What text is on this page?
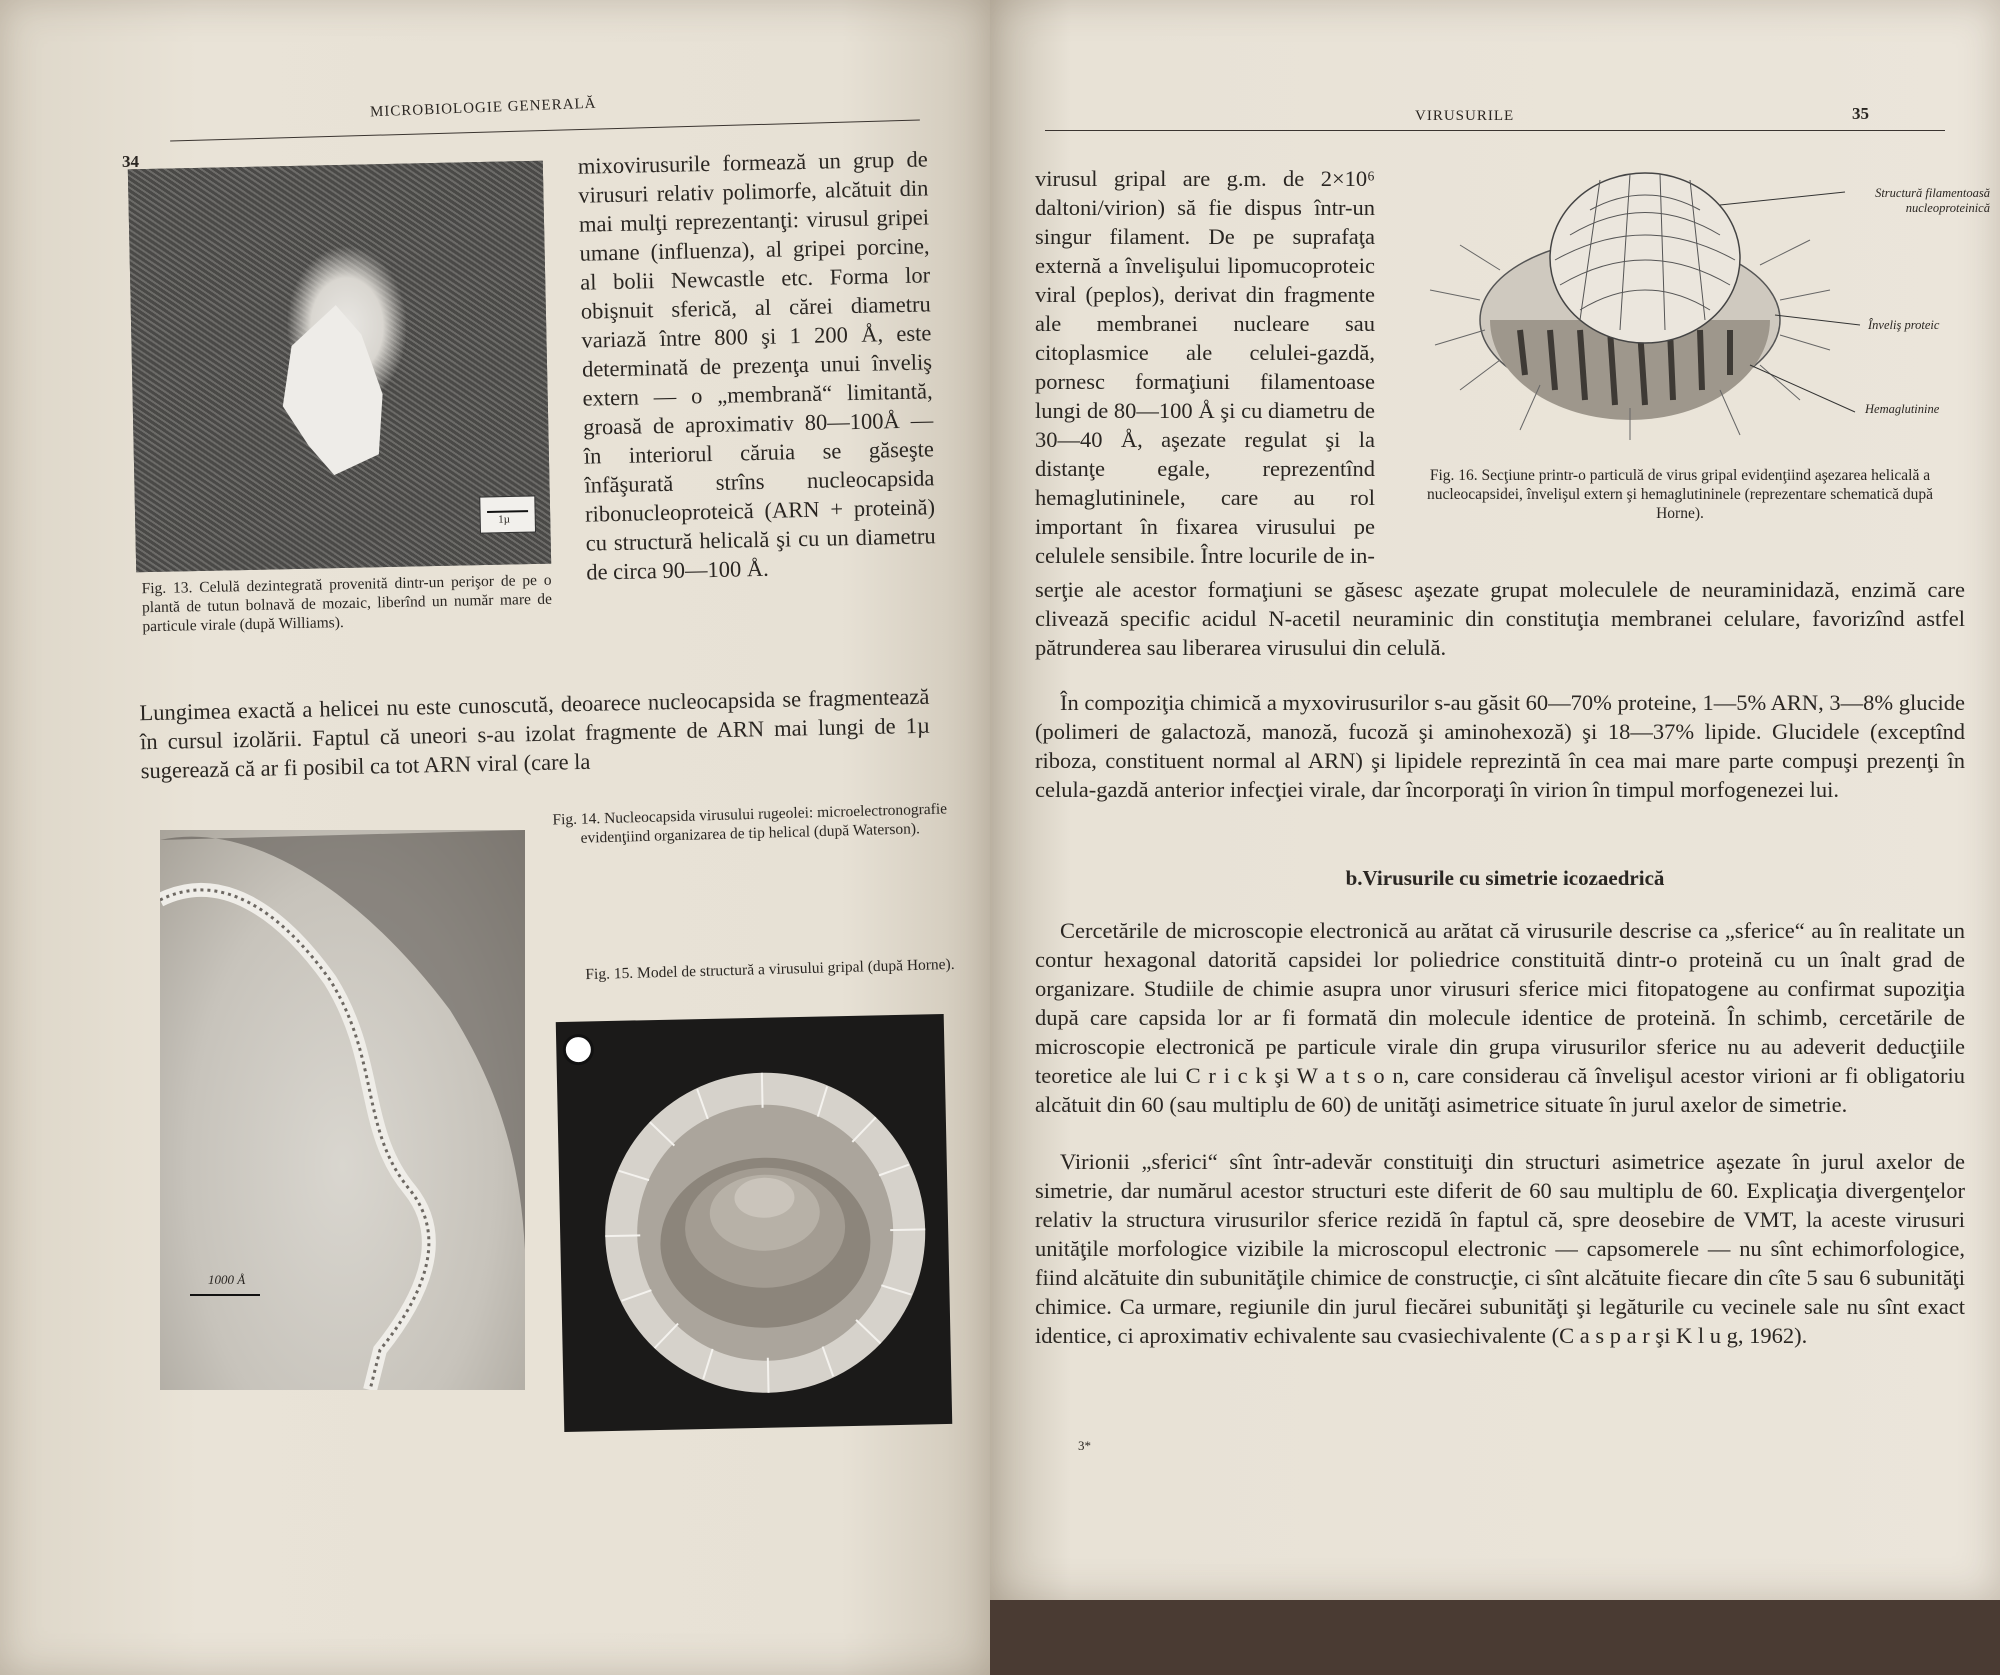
MICROBIOLOGIE GENERALĂ
34
1µ
Fig. 13. Celulă dezintegrată provenită dintr-un perişor de pe o plantă de tutun bolnavă de mozaic, liberînd un număr mare de particule virale (după Williams).
mixovirusurile formează un grup de virusuri relativ polimorfe, alcătuit din mai mulţi reprezentanţi: virusul gripei umane (influenza), al gripei porcine, al bolii Newcastle etc. Forma lor obişnuit sferică, al cărei diametru variază între 800 şi 1 200 Å, este determinată de prezenţa unui înveliş extern — o „membrană“ limitantă, groasă de aproximativ 80—100Å — în interiorul căruia se găseşte înfăşurată strîns nucleocapsida ribonucleoproteică (ARN + proteină) cu structură helicală şi cu un diametru de circa 90—100 Å.
Lungimea exactă a helicei nu este cunoscută, deoarece nucleocapsida se fragmentează în cursul izolării. Faptul că uneori s-au izolat fragmente de ARN mai lungi de 1µ sugerează că ar fi posibil ca tot ARN viral (care la
1000 Å
Fig. 14. Nucleocapsida virusului rugeolei: microelectronografie evidenţiind organizarea de tip helical (după Waterson).
Fig. 15. Model de structură a virusului gripal (după Horne).
VIRUSURILE	35
virusul gripal are g.m. de 2×10⁶ daltoni/virion) să fie dispus într-un singur filament. De pe suprafaţa externă a învelişului lipomucoproteic viral (peplos), derivat din fragmente ale membranei nucleare sau citoplasmice ale celulei-gazdă, pornesc formaţiuni filamentoase lungi de 80—100 Å şi cu diametru de 30—40 Å, aşezate regulat şi la distanţe egale, reprezentînd hemaglutininele, care au rol important în fixarea virusului pe celulele sensibile. Între locurile de in-
Structură filamentoasă nucleoproteinică
Înveliş proteic
Hemaglutinine
Fig. 16. Secţiune printr-o particulă de virus gripal evidenţiind aşezarea helicală a nucleocapsidei, învelişul extern şi hemaglutininele (reprezentare schematică după Horne).
serţie ale acestor formaţiuni se găsesc aşezate grupat moleculele de neuraminidază, enzimă care clivează specific acidul N-acetil neuraminic din constituţia membranei celulare, favorizînd astfel pătrunderea sau liberarea virusului din celulă.
În compoziţia chimică a myxovirusurilor s-au găsit 60—70% proteine, 1—5% ARN, 3—8% glucide (polimeri de galactoză, manoză, fucoză şi aminohexoză) şi 18—37% lipide. Glucidele (exceptînd riboza, constituent normal al ARN) şi lipidele reprezintă în cea mai mare parte compuşi prezenţi în celula-gazdă anterior infecţiei virale, dar încorporaţi în virion în timpul morfogenezei lui.
b.Virusurile cu simetrie icozaedrică
Cercetările de microscopie electronică au arătat că virusurile descrise ca „sferice“ au în realitate un contur hexagonal datorită capsidei lor poliedrice constituită dintr-o proteină cu un înalt grad de organizare. Studiile de chimie asupra unor virusuri sferice mici fitopatogene au confirmat supoziţia după care capsida lor ar fi formată din molecule identice de proteină. În schimb, cercetările de microscopie electronică pe particule virale din grupa virusurilor sferice nu au adeverit deducţiile teoretice ale lui C r i c k şi W a t s o n, care considerau că învelişul acestor virioni ar fi obligatoriu alcătuit din 60 (sau multiplu de 60) de unităţi asimetrice situate în jurul axelor de simetrie.
Virionii „sferici“ sînt într-adevăr constituiţi din structuri asimetrice aşezate în jurul axelor de simetrie, dar numărul acestor structuri este diferit de 60 sau multiplu de 60. Explicaţia divergenţelor relativ la structura virusurilor sferice rezidă în faptul că, spre deosebire de VMT, la aceste virusuri unităţile morfologice vizibile la microscopul electronic — capsomerele — nu sînt echimorfologice, fiind alcătuite din subunităţile chimice de construcţie, ci sînt alcătuite fiecare din cîte 5 sau 6 subunităţi chimice. Ca urmare, regiunile din jurul fiecărei subunităţi şi legăturile cu vecinele sale nu sînt exact identice, ci aproximativ echivalente sau cvasiechivalente (C a s p a r şi K l u g, 1962).
3*
